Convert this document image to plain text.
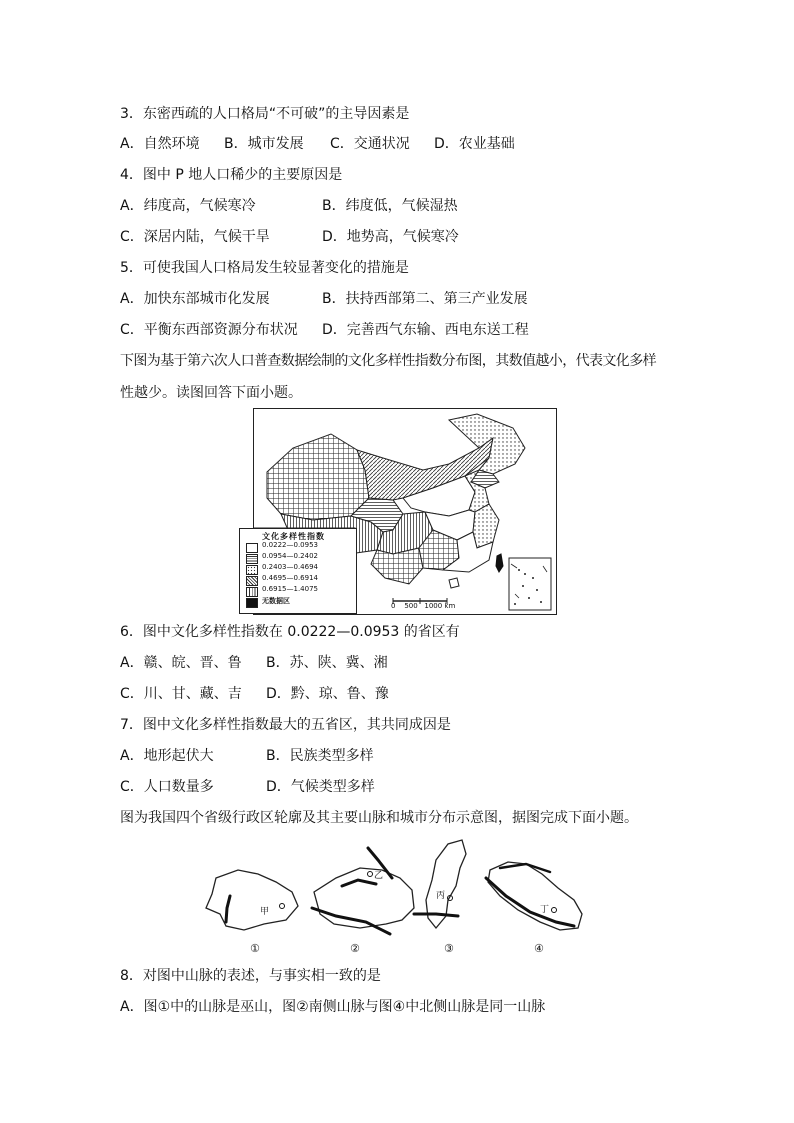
3．东密西疏的人口格局“不可破”的主导因素是
A．自然环境 B．城市发展 C．交通状况 D．农业基础
4．图中 P 地人口稀少的主要原因是
A．纬度高，气候寒冷	B．纬度低，气候湿热
C．深居内陆，气候干旱	D．地势高，气候寒冷
5．可使我国人口格局发生较显著变化的措施是
A．加快东部城市化发展	B．扶持西部第二、第三产业发展
C．平衡东西部资源分布状况 D．完善西气东输、西电东送工程
下图为基于第六次人口普查数据绘制的文化多样性指数分布图，其数值越小，代表文化多样
性越少。读图回答下面小题。
文化多样性指数
0.0222—0.0953
0.0954—0.2402
0.2403—0.4694
0.4695—0.6914
0.6915—1.4075
无数据区
0    500   1000 km
6．图中文化多样性指数在 0.0222—0.0953 的省区有
A．赣、皖、晋、鲁 B．苏、陕、冀、湘
C．川、甘、藏、吉 D．黔、琼、鲁、豫
7．图中文化多样性指数最大的五省区，其共同成因是
A．地形起伏大	B．民族类型多样
C．人口数量多	D．气候类型多样
图为我国四个省级行政区轮廓及其主要山脉和城市分布示意图，据图完成下面小题。
甲
乙
丙
丁
①	②	③	④
8．对图中山脉的表述，与事实相一致的是
A．图①中的山脉是巫山，图②南侧山脉与图④中北侧山脉是同一山脉
